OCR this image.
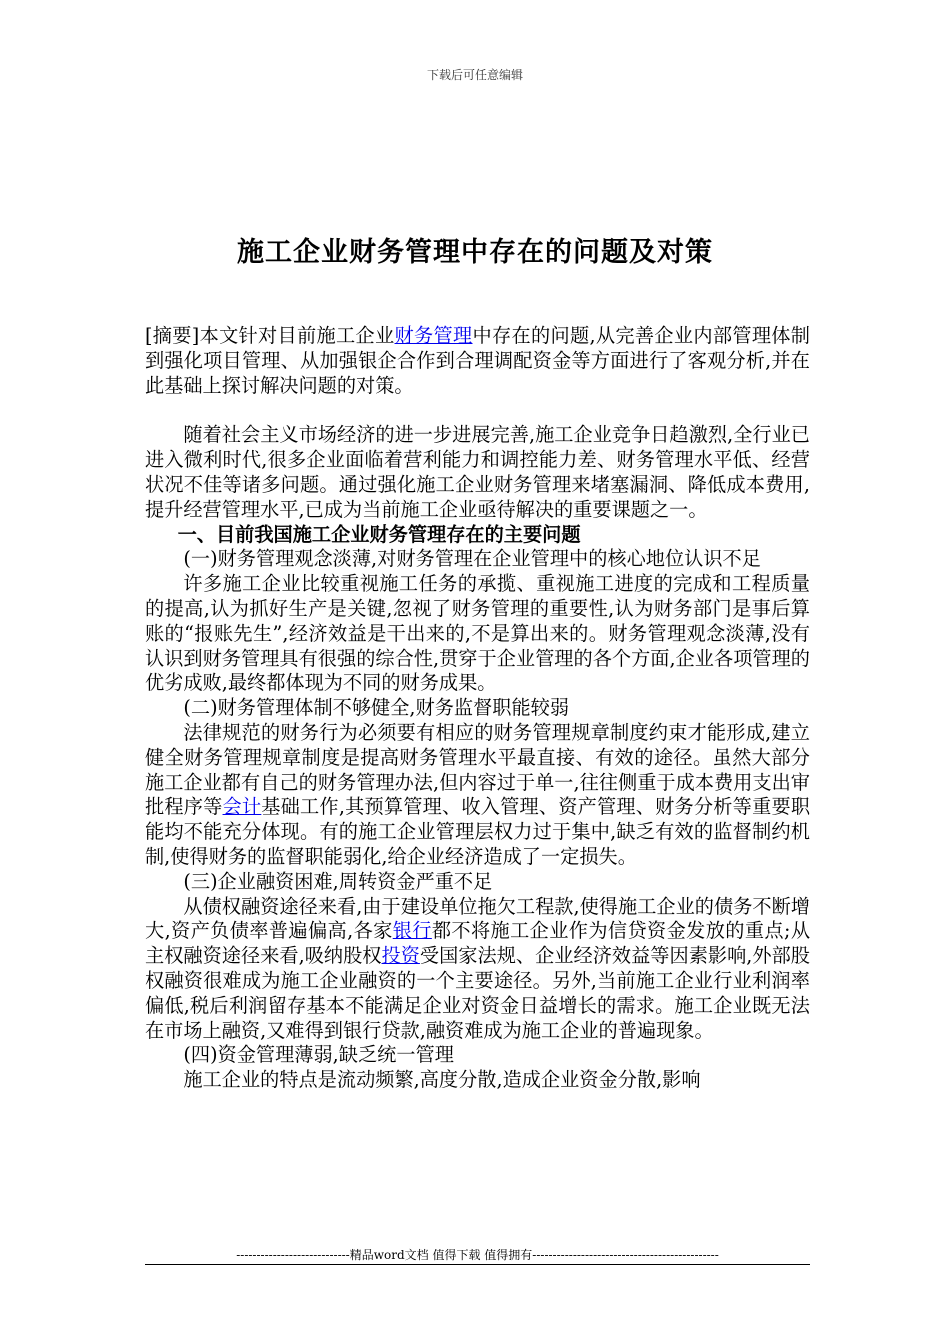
下载后可任意编辑
施工企业财务管理中存在的问题及对策

[摘要]本文针对目前施工企业财务管理中存在的问题,从完善企业内部管理体制到强化项目管理、从加强银企合作到合理调配资金等方面进行了客观分析,并在此基础上探讨解决问题的对策。

随着社会主义市场经济的进一步进展完善,施工企业竞争日趋激烈,全行业已进入微利时代,很多企业面临着营利能力和调控能力差、财务管理水平低、经营状况不佳等诸多问题。通过强化施工企业财务管理来堵塞漏洞、降低成本费用,提升经营管理水平,已成为当前施工企业亟待解决的重要课题之一。

一、目前我国施工企业财务管理存在的主要问题

(一)财务管理观念淡薄,对财务管理在企业管理中的核心地位认识不足

许多施工企业比较重视施工任务的承揽、重视施工进度的完成和工程质量的提高,认为抓好生产是关键,忽视了财务管理的重要性,认为财务部门是事后算账的“报账先生”,经济效益是干出来的,不是算出来的。财务管理观念淡薄,没有认识到财务管理具有很强的综合性,贯穿于企业管理的各个方面,企业各项管理的优劣成败,最终都体现为不同的财务成果。

(二)财务管理体制不够健全,财务监督职能较弱

法律规范的财务行为必须要有相应的财务管理规章制度约束才能形成,建立健全财务管理规章制度是提高财务管理水平最直接、有效的途径。虽然大部分施工企业都有自己的财务管理办法,但内容过于单一,往往侧重于成本费用支出审批程序等会计基础工作,其预算管理、收入管理、资产管理、财务分析等重要职能均不能充分体现。有的施工企业管理层权力过于集中,缺乏有效的监督制约机制,使得财务的监督职能弱化,给企业经济造成了一定损失。

(三)企业融资困难,周转资金严重不足

从债权融资途径来看,由于建设单位拖欠工程款,使得施工企业的债务不断增大,资产负债率普遍偏高,各家银行都不将施工企业作为信贷资金发放的重点;从主权融资途径来看,吸纳股权投资受国家法规、企业经济效益等因素影响,外部股权融资很难成为施工企业融资的一个主要途径。另外,当前施工企业行业利润率偏低,税后利润留存基本不能满足企业对资金日益增长的需求。施工企业既无法在市场上融资,又难得到银行贷款,融资难成为施工企业的普遍现象。

(四)资金管理薄弱,缺乏统一管理

施工企业的特点是流动频繁,高度分散,造成企业资金分散,影响

----------------------------精品word文档 值得下载 值得拥有----------------------------------------------
